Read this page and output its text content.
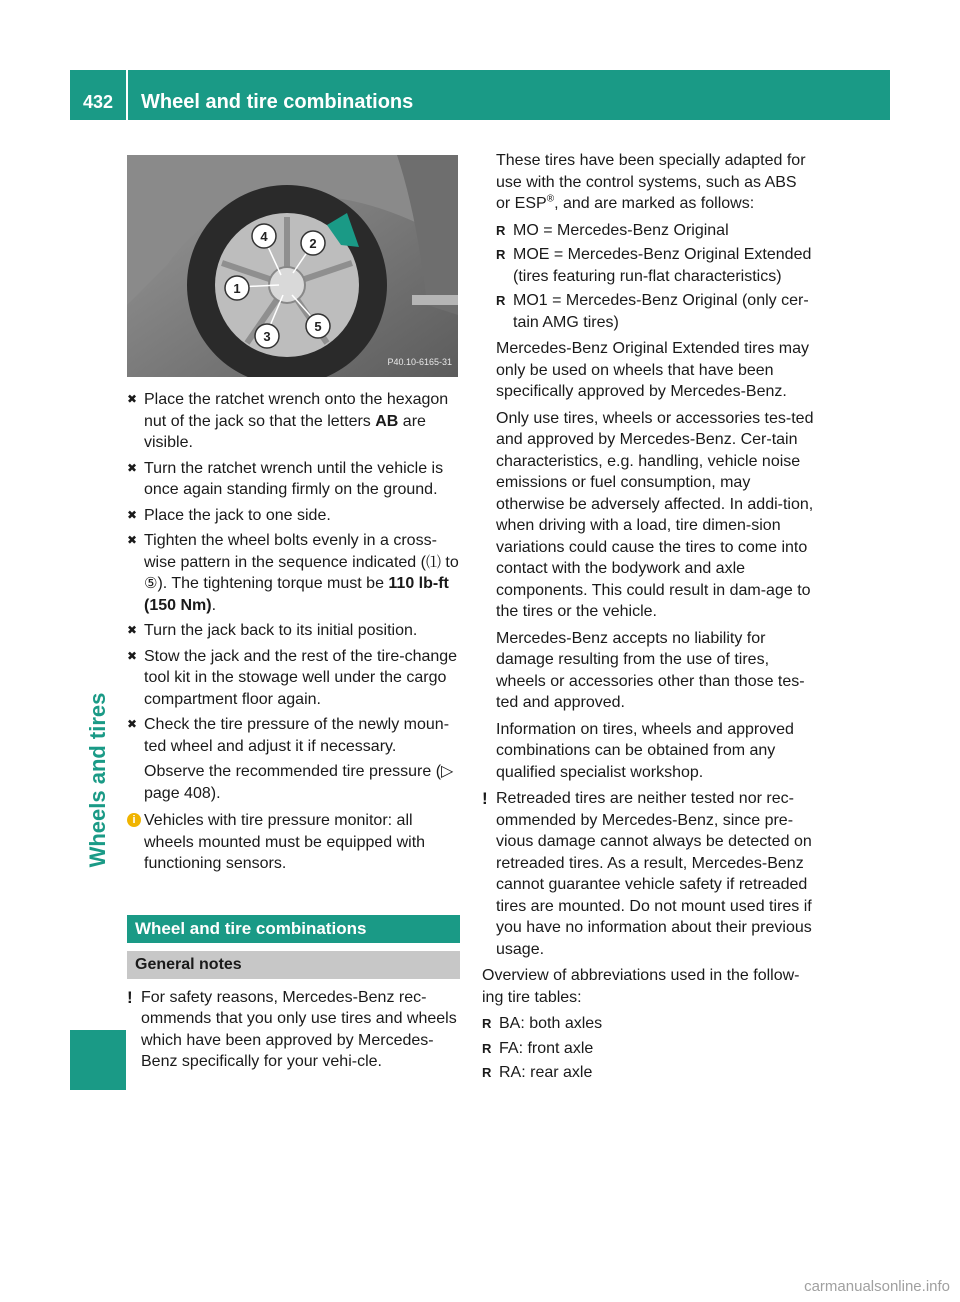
432	Wheel and tire combinations
Wheels and tires
1
2
3
4
5
P40.10-6165-31
✖ Place the ratchet wrench onto the hexagon nut of the jack so that the letters AB are visible.
✖ Turn the ratchet wrench until the vehicle is once again standing firmly on the ground.
✖ Place the jack to one side.
✖ Tighten the wheel bolts evenly in a cross-wise pattern in the sequence indicated (⑴ to ⑤). The tightening torque must be 110 lb-ft (150 Nm).
✖ Turn the jack back to its initial position.
✖ Stow the jack and the rest of the tire-change tool kit in the stowage well under the cargo compartment floor again.
✖ Check the tire pressure of the newly moun-ted wheel and adjust it if necessary.
Observe the recommended tire pressure (▷ page 408).
i Vehicles with tire pressure monitor: all wheels mounted must be equipped with functioning sensors.
Wheel and tire combinations
General notes
! For safety reasons, Mercedes-Benz rec-ommends that you only use tires and wheels which have been approved by Mercedes-Benz specifically for your vehi-cle.

These tires have been specially adapted for use with the control systems, such as ABS or ESP®, and are marked as follows:

R MO = Mercedes-Benz Original
R MOE = Mercedes-Benz Original Extended (tires featuring run-flat characteristics)
R MO1 = Mercedes-Benz Original (only cer-tain AMG tires)

Mercedes-Benz Original Extended tires may only be used on wheels that have been specifically approved by Mercedes-Benz.

Only use tires, wheels or accessories tes-ted and approved by Mercedes-Benz. Cer-tain characteristics, e.g. handling, vehicle noise emissions or fuel consumption, may otherwise be adversely affected. In addi-tion, when driving with a load, tire dimen-sion variations could cause the tires to come into contact with the bodywork and axle components. This could result in dam-age to the tires or the vehicle.

Mercedes-Benz accepts no liability for damage resulting from the use of tires, wheels or accessories other than those tes-ted and approved.

Information on tires, wheels and approved combinations can be obtained from any qualified specialist workshop.

! Retreaded tires are neither tested nor rec-ommended by Mercedes-Benz, since pre-vious damage cannot always be detected on retreaded tires. As a result, Mercedes-Benz cannot guarantee vehicle safety if retreaded tires are mounted. Do not mount used tires if you have no information about their previous usage.

Overview of abbreviations used in the follow-ing tire tables:

R BA: both axles
R FA: front axle
R RA: rear axle
carmanualsonline.info
